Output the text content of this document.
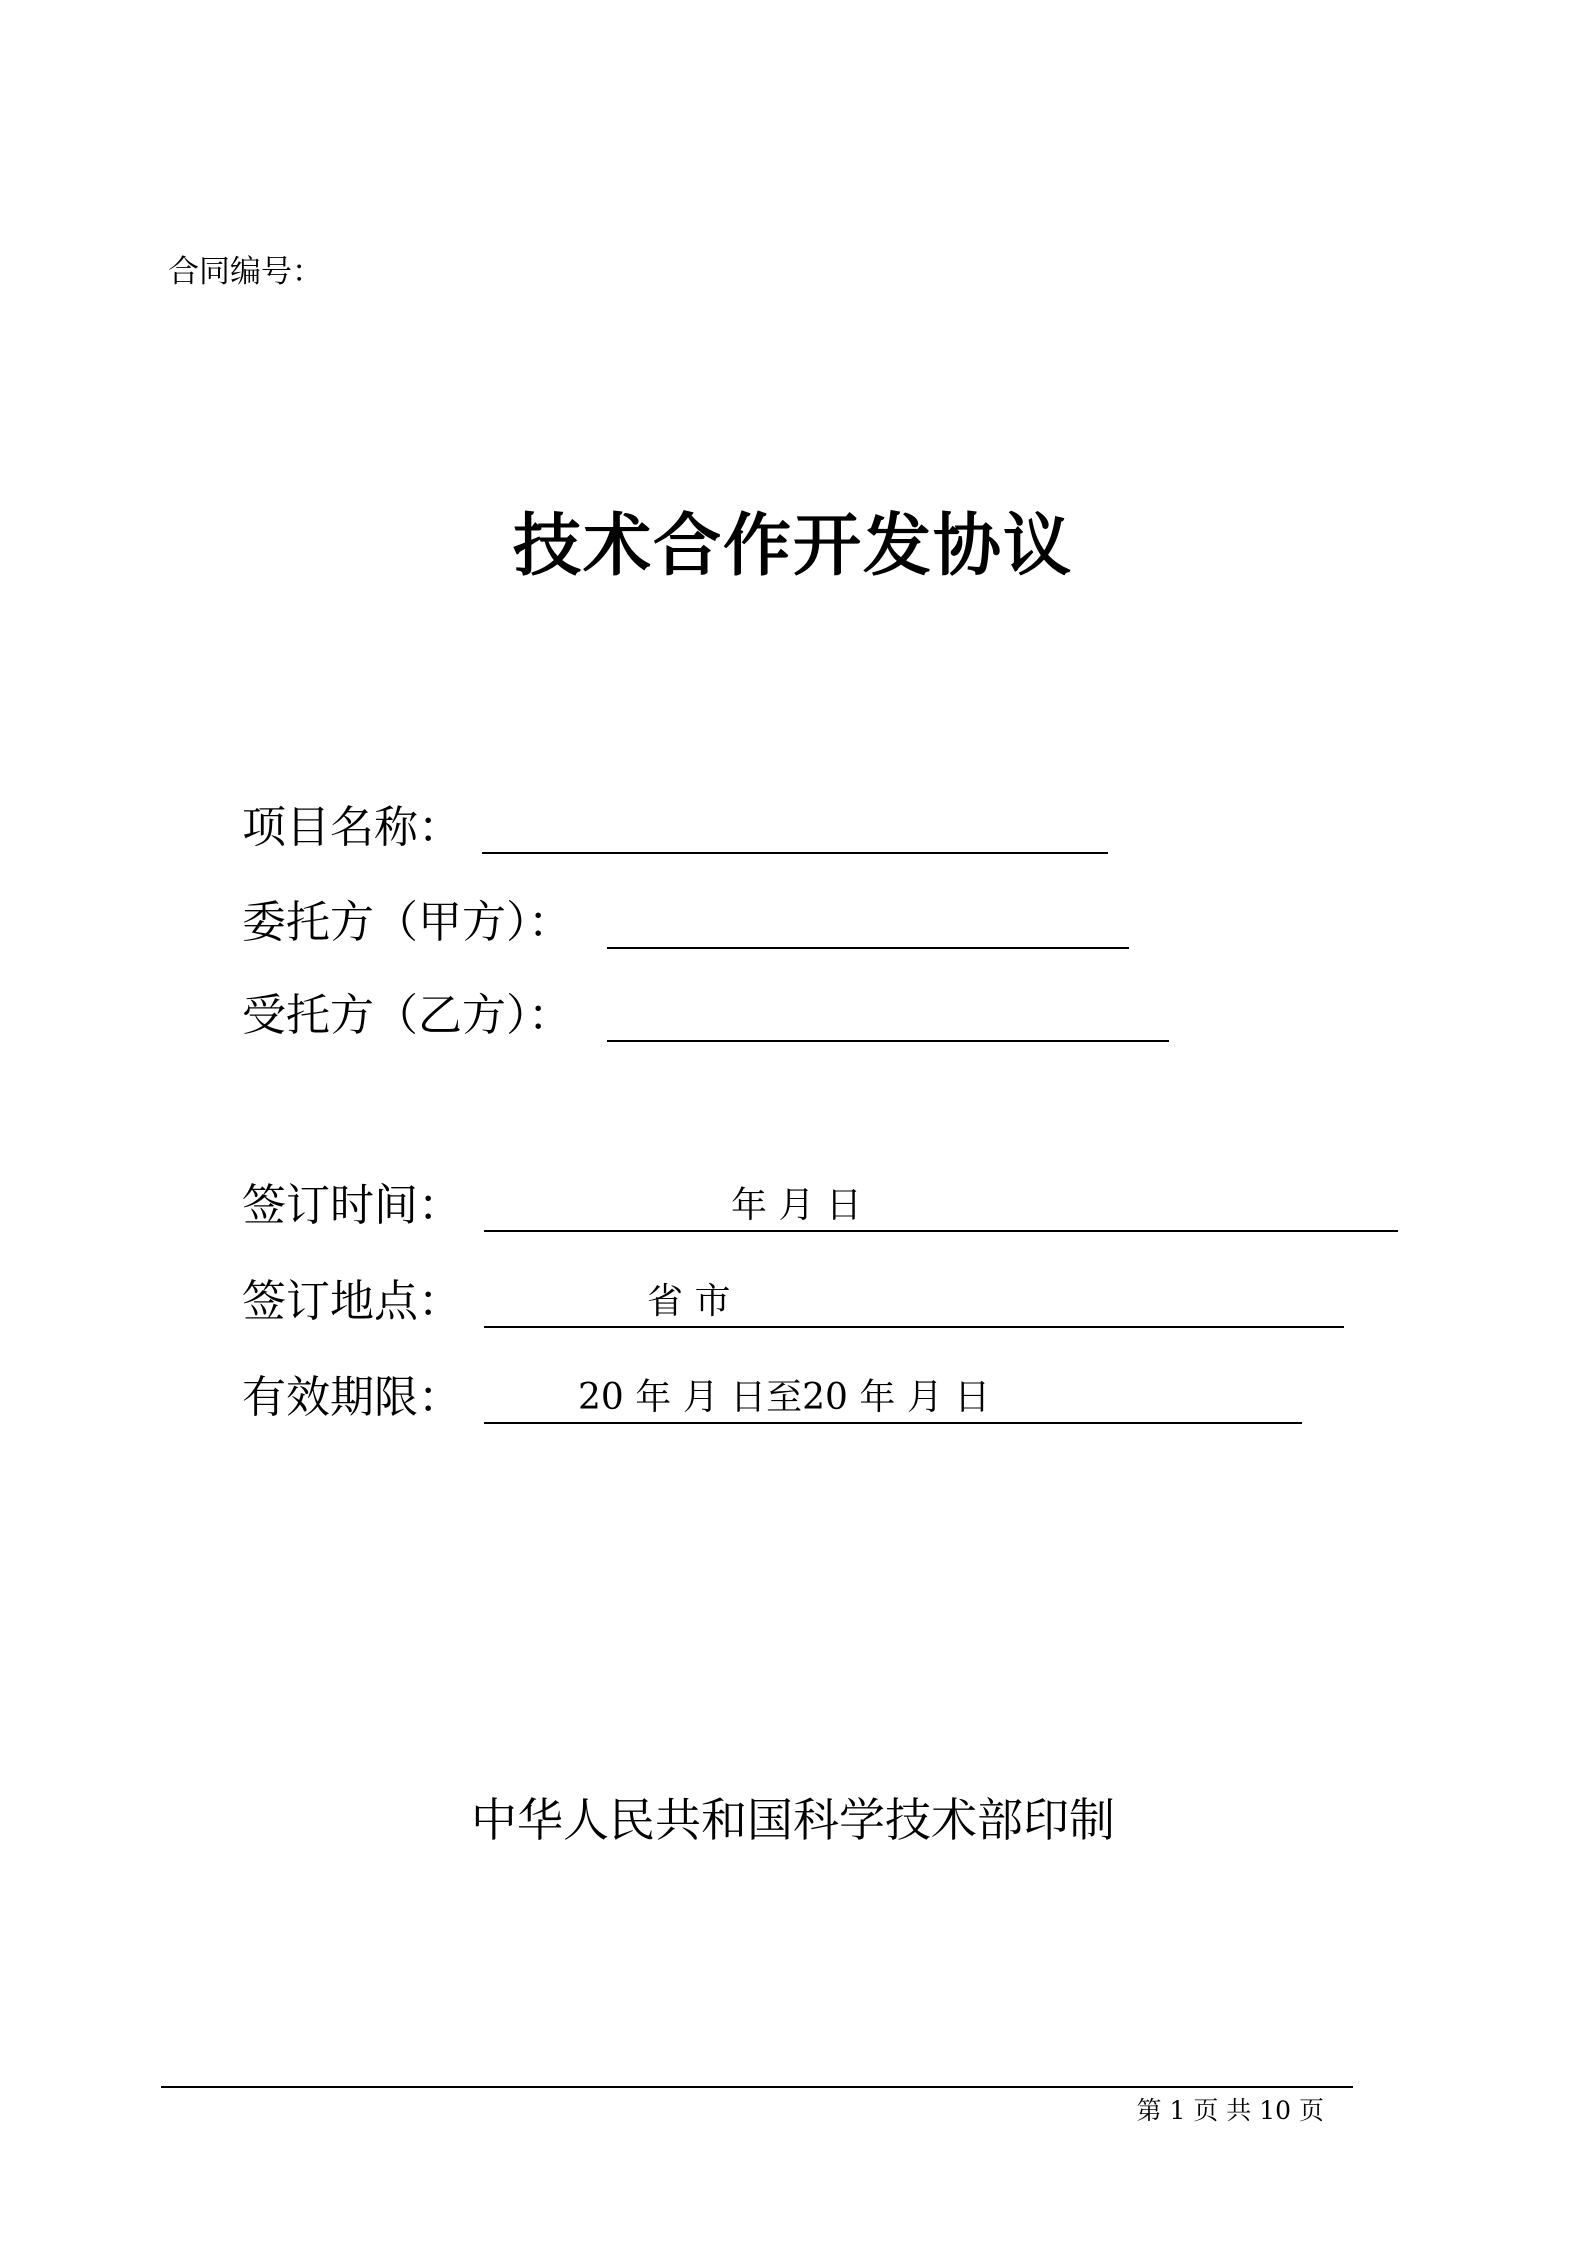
合同编号：
技术合作开发协议
项目名称：
委托方（甲方）：
受托方（乙方）：
签订时间：	年 月 日
签订地点：	省 市
有效期限：	20 年 月 日至20 年 月 日
中华人民共和国科学技术部印制
第 1 页 共 10 页
